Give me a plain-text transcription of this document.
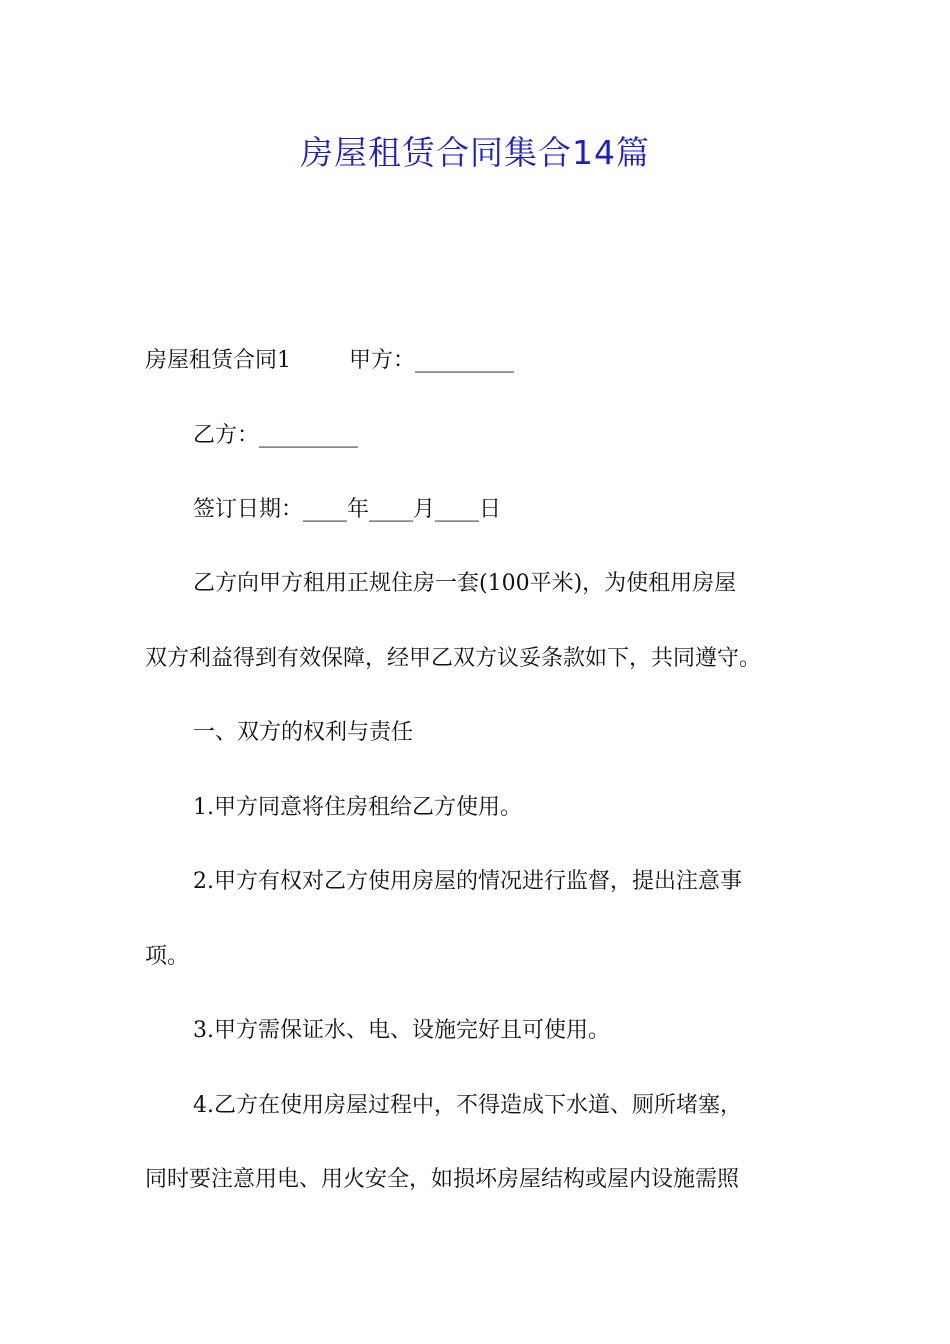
房屋租赁合同集合14篇
房屋租赁合同1	甲方：_________
乙方：_________
签订日期：____年____月____日
乙方向甲方租用正规住房一套(100平米)，为使租用房屋
双方利益得到有效保障，经甲乙双方议妥条款如下，共同遵守。
一、双方的权利与责任
1.甲方同意将住房租给乙方使用。
2.甲方有权对乙方使用房屋的情况进行监督，提出注意事
项。
3.甲方需保证水、电、设施完好且可使用。
4.乙方在使用房屋过程中，不得造成下水道、厕所堵塞，
同时要注意用电、用火安全，如损坏房屋结构或屋内设施需照
